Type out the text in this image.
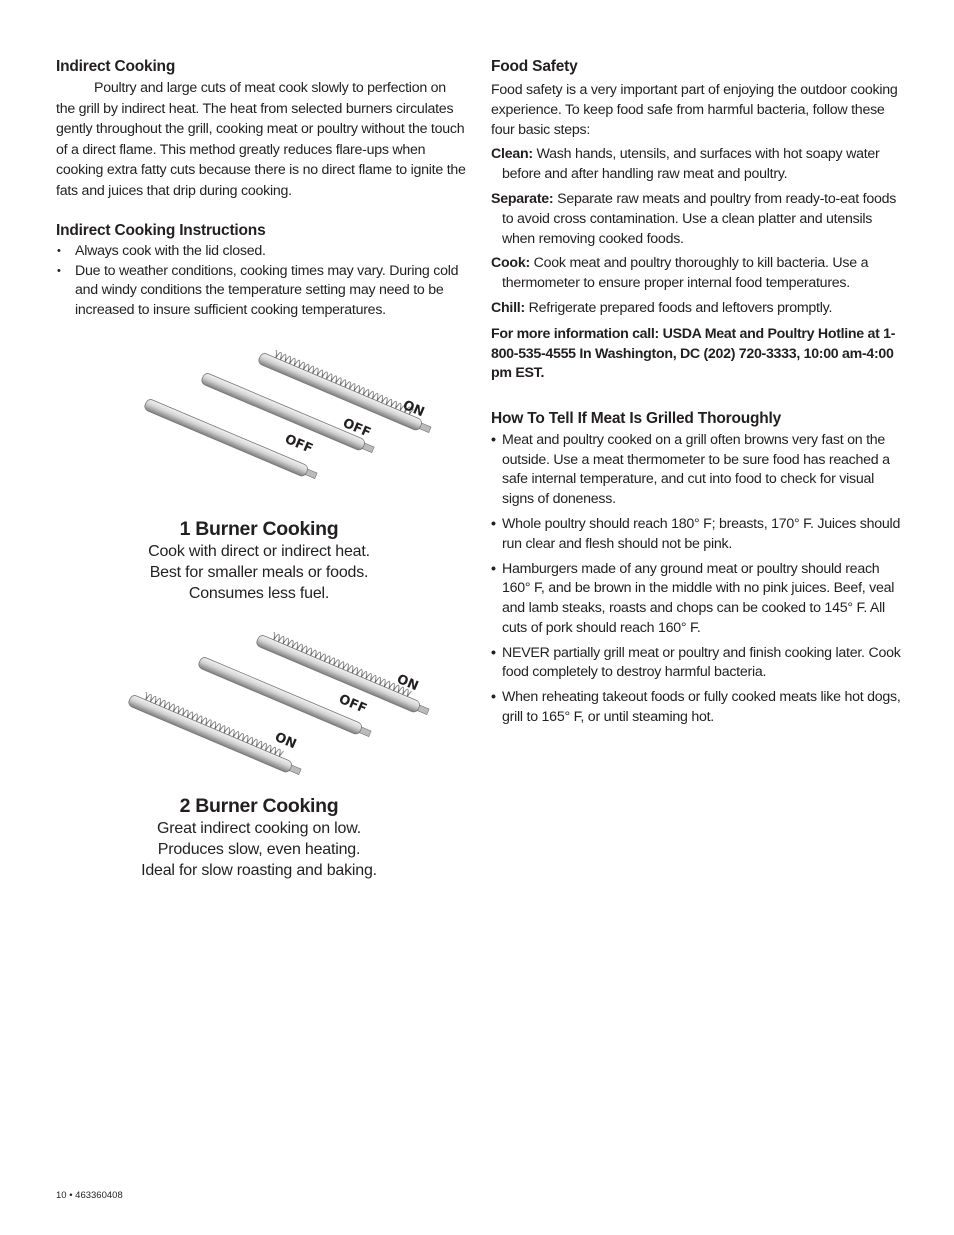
Indirect Cooking

Poultry and large cuts of meat cook slowly to perfection on the grill by indirect heat. The heat from selected burners circulates gently throughout the grill, cooking meat or poultry without the touch of a direct flame. This method greatly reduces flare-ups when cooking extra fatty cuts because there is no direct flame to ignite the fats and juices that drip during cooking.

Indirect Cooking Instructions
• Always cook with the lid closed.
• Due to weather conditions, cooking times may vary. During cold and windy conditions the temperature setting may need to be increased to insure sufficient cooking temperatures.
ON
OFF
OFF
1 Burner Cooking

Cook with direct or indirect heat.

Best for smaller meals or foods.

Consumes less fuel.

ON
OFF
ON
2 Burner Cooking

Great indirect cooking on low.

Produces slow, even heating.

Ideal for slow roasting and baking.

Food Safety

Food safety is a very important part of enjoying the outdoor cooking experience. To keep food safe from harmful bacteria, follow these four basic steps:

Clean: Wash hands, utensils, and surfaces with hot soapy water before and after handling raw meat and poultry.
Separate: Separate raw meats and poultry from ready-to-eat foods to avoid cross contamination. Use a clean platter and utensils when removing cooked foods.
Cook: Cook meat and poultry thoroughly to kill bacteria. Use a thermometer to ensure proper internal food temperatures.
Chill: Refrigerate prepared foods and leftovers promptly.

For more information call: USDA Meat and Poultry Hotline at 1-800-535-4555 In Washington, DC (202) 720-3333, 10:00 am-4:00 pm EST.

How To Tell If Meat Is Grilled Thoroughly
• Meat and poultry cooked on a grill often browns very fast on the outside. Use a meat thermometer to be sure food has reached a safe internal temperature, and cut into food to check for visual signs of doneness.
• Whole poultry should reach 180° F; breasts, 170° F. Juices should run clear and flesh should not be pink.
• Hamburgers made of any ground meat or poultry should reach 160° F, and be brown in the middle with no pink juices. Beef, veal and lamb steaks, roasts and chops can be cooked to 145° F. All cuts of pork should reach 160° F.
• NEVER partially grill meat or poultry and finish cooking later. Cook food completely to destroy harmful bacteria.
• When reheating takeout foods or fully cooked meats like hot dogs, grill to 165° F, or until steaming hot.
10 • 463360408
